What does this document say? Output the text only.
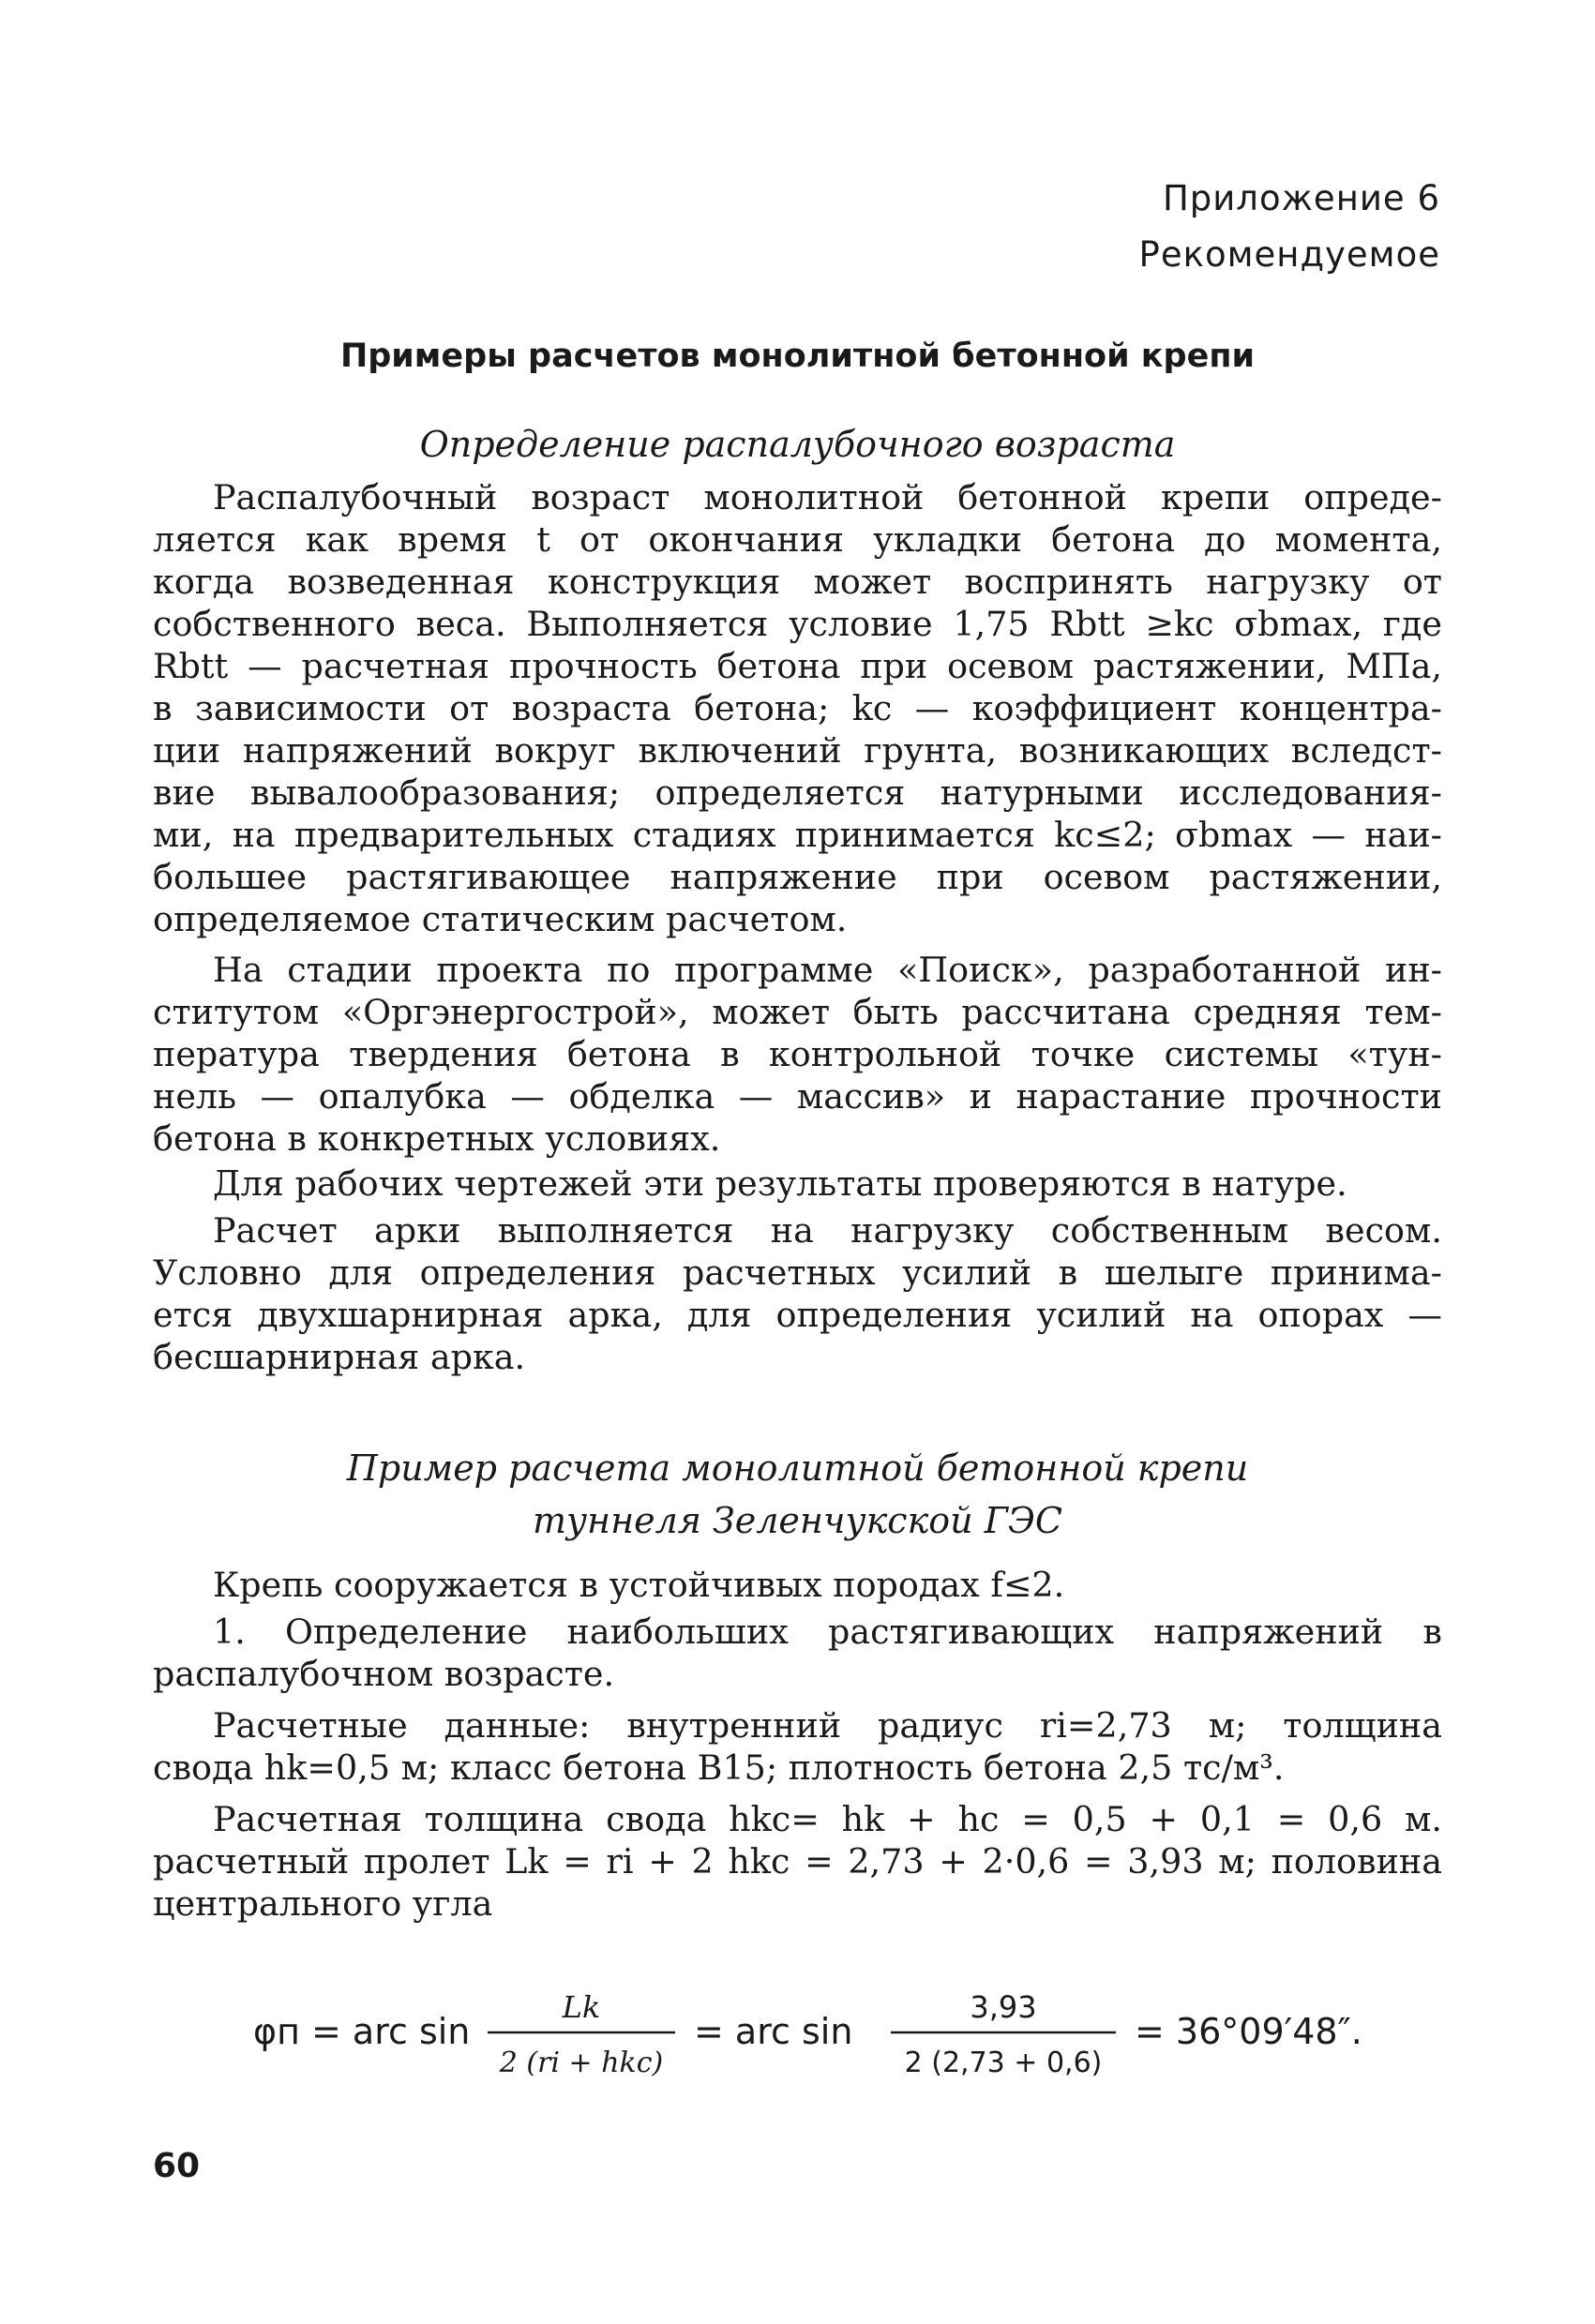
Приложение 6
Рекомендуемое
Примеры расчетов монолитной бетонной крепи
Определение распалубочного возраста
Распалубочный возраст монолитной бетонной крепи опреде-
ляется как время t от окончания укладки бетона до момента,
когда возведенная конструкция может воспринять нагрузку от
собственного веса. Выполняется условие 1,75 Rbtt ≥kc σbmax, где
Rbtt — расчетная прочность бетона при осевом растяжении, МПа,
в зависимости от возраста бетона; kc — коэффициент концентра-
ции напряжений вокруг включений грунта, возникающих вследст-
вие вывалообразования; определяется натурными исследования-
ми, на предварительных стадиях принимается kc≤2; σbmax — наи-
большее растягивающее напряжение при осевом растяжении,
определяемое статическим расчетом.
На стадии проекта по программе «Поиск», разработанной ин-
ститутом «Оргэнергострой», может быть рассчитана средняя тем-
пература твердения бетона в контрольной точке системы «тун-
нель — опалубка — обделка — массив» и нарастание прочности
бетона в конкретных условиях.
Для рабочих чертежей эти результаты проверяются в натуре.
Расчет арки выполняется на нагрузку собственным весом.
Условно для определения расчетных усилий в шелыге принима-
ется двухшарнирная арка, для определения усилий на опорах —
бесшарнирная арка.
Пример расчета монолитной бетонной крепи
туннеля Зеленчукской ГЭС
Крепь сооружается в устойчивых породах f≤2.
1. Определение наибольших растягивающих напряжений в
распалубочном возрасте.
Расчетные данные: внутренний радиус ri=2,73 м; толщина
свода hk=0,5 м; класс бетона B15; плотность бетона 2,5 тс/м³.
Расчетная толщина свода hkc= hk + hc = 0,5 + 0,1 = 0,6 м.
расчетный пролет Lk = ri + 2 hkc = 2,73 + 2·0,6 = 3,93 м; половина
центрального угла
φп = arc sin
Lk
2 (ri + hkc)
= arc sin
3,93
2 (2,73 + 0,6)
= 36°09′48″.
60
